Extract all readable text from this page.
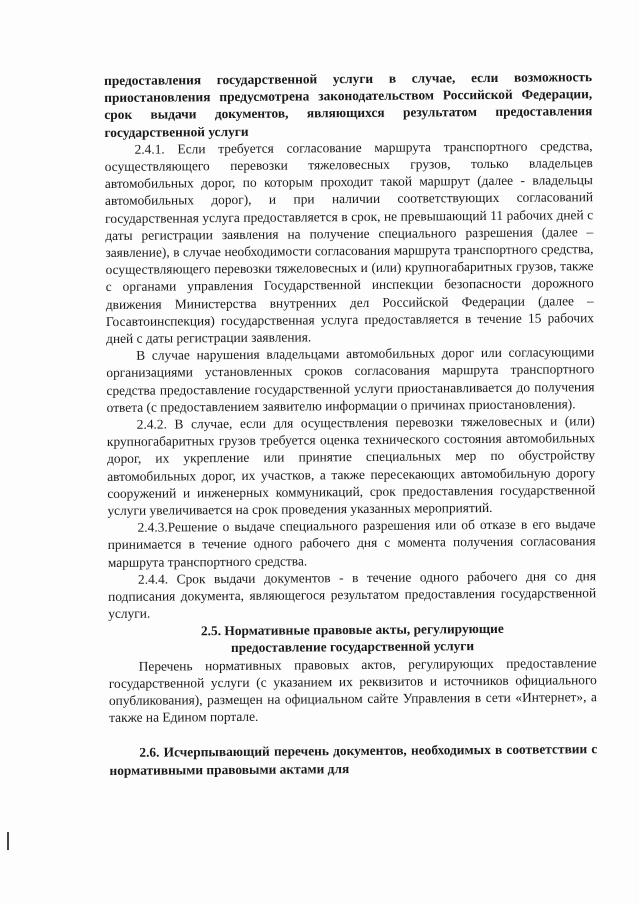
предоставления государственной услуги в случае, если возможность приостановления предусмотрена законодательством Российской Федерации, срок выдачи документов, являющихся результатом предоставления государственной услуги

2.4.1. Если требуется согласование маршрута транспортного средства, осуществляющего перевозки тяжеловесных грузов, только владельцев автомобильных дорог, по которым проходит такой маршрут (далее - владельцы автомобильных дорог), и при наличии соответствующих согласований государственная услуга предоставляется в срок, не превышающий 11 рабочих дней с даты регистрации заявления на получение специального разрешения (далее – заявление), в случае необходимости согласования маршрута транспортного средства, осуществляющего перевозки тяжеловесных и (или) крупногабаритных грузов, также с органами управления Государственной инспекции безопасности дорожного движения Министерства внутренних дел Российской Федерации (далее – Госавтоинспекция) государственная услуга предоставляется в течение 15 рабочих дней с даты регистрации заявления.

В случае нарушения владельцами автомобильных дорог или согласующими организациями установленных сроков согласования маршрута транспортного средства предоставление государственной услуги приостанавливается до получения ответа (с предоставлением заявителю информации о причинах приостановления).

2.4.2. В случае, если для осуществления перевозки тяжеловесных и (или) крупногабаритных грузов требуется оценка технического состояния автомобильных дорог, их укрепление или принятие специальных мер по обустройству автомобильных дорог, их участков, а также пересекающих автомобильную дорогу сооружений и инженерных коммуникаций, срок предоставления государственной услуги увеличивается на срок проведения указанных мероприятий.

2.4.3.Решение о выдаче специального разрешения или об отказе в его выдаче принимается в течение одного рабочего дня с момента получения согласования маршрута транспортного средства.

2.4.4. Срок выдачи документов - в течение одного рабочего дня со дня подписания документа, являющегося результатом предоставления государственной услуги.

2.5. Нормативные правовые акты, регулирующие

предоставление государственной услуги

Перечень нормативных правовых актов, регулирующих предоставление государственной услуги (с указанием их реквизитов и источников официального опубликования), размещен на официальном сайте Управления в сети «Интернет», а также на Едином портале.

2.6. Исчерпывающий перечень документов, необходимых в соответствии с нормативными правовыми актами для
